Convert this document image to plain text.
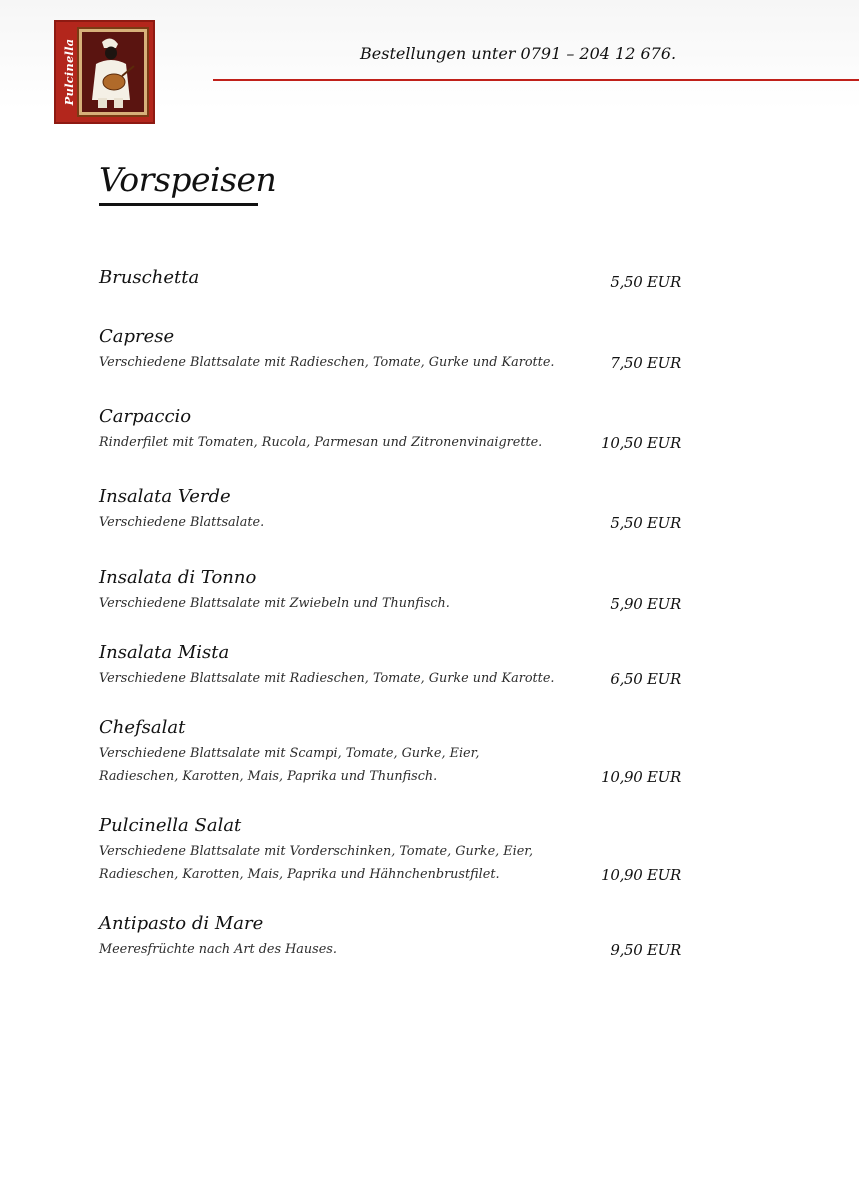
Pulcinella	Bestellungen unter 0791 – 204 12 676.
Vorspeisen
Bruschetta	5,50 EUR
Caprese
Verschiedene Blattsalate mit Radieschen, Tomate, Gurke und Karotte.	7,50 EUR
Carpaccio
Rinderfilet mit Tomaten, Rucola, Parmesan und Zitronenvinaigrette.	10,50 EUR
Insalata Verde
Verschiedene Blattsalate.	5,50 EUR
Insalata di Tonno
Verschiedene Blattsalate mit Zwiebeln und Thunfisch.	5,90 EUR
Insalata Mista
Verschiedene Blattsalate mit Radieschen, Tomate, Gurke und Karotte.	6,50 EUR
Chefsalat
Verschiedene Blattsalate mit Scampi, Tomate, Gurke, Eier,
Radieschen, Karotten, Mais, Paprika und Thunfisch.	10,90 EUR
Pulcinella Salat
Verschiedene Blattsalate mit Vorderschinken, Tomate, Gurke, Eier,
Radieschen, Karotten, Mais, Paprika und Hähnchenbrustfilet.	10,90 EUR
Antipasto di Mare
Meeresfrüchte nach Art des Hauses.	9,50 EUR
